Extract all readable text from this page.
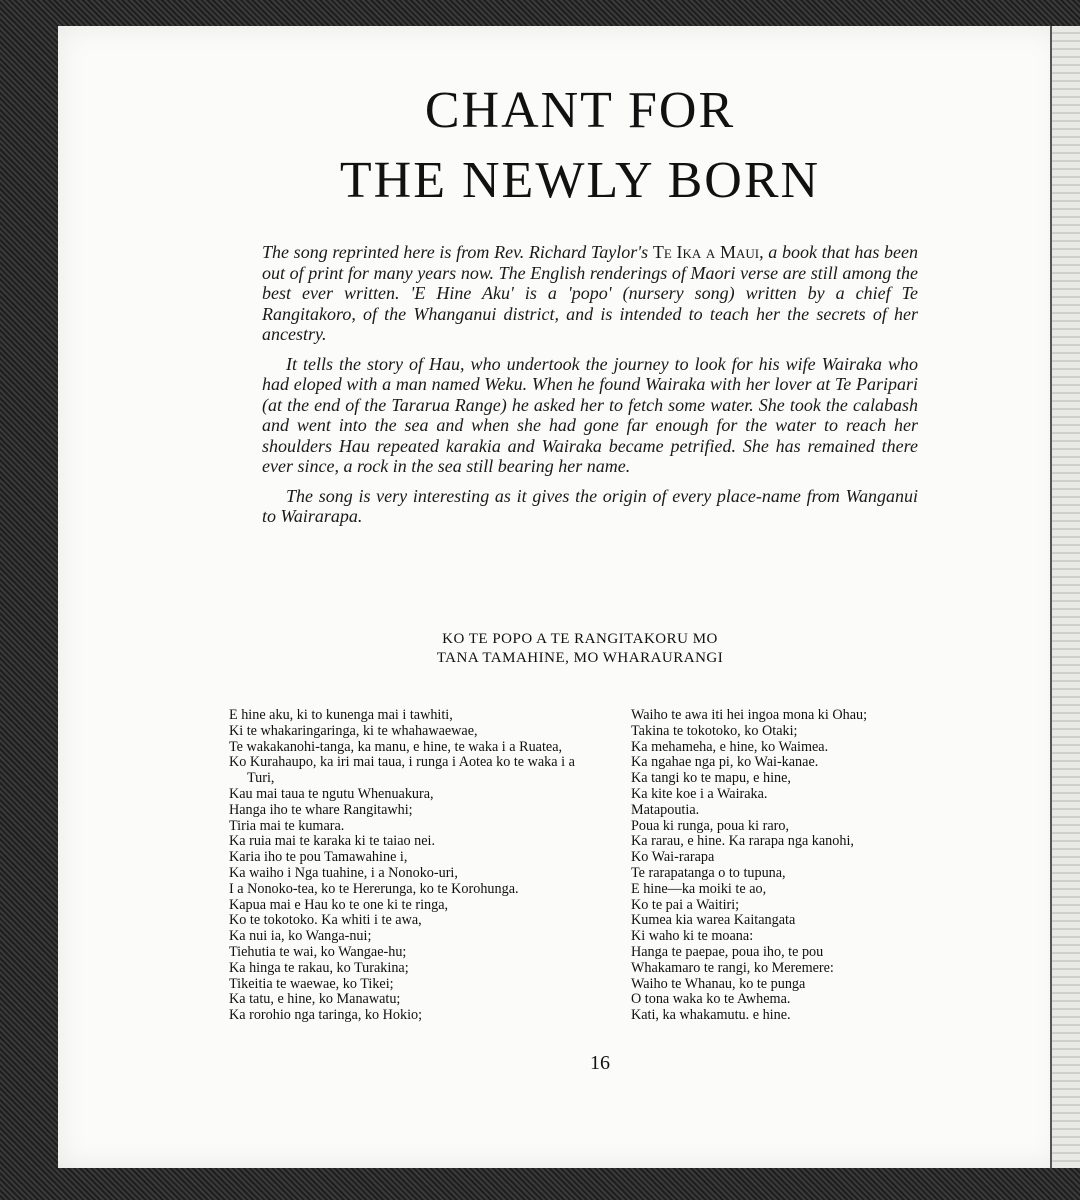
CHANT FOR
THE NEWLY BORN

The song reprinted here is from Rev. Richard Taylor's Te Ika a Maui, a book that has been out of print for many years now. The English renderings of Maori verse are still among the best ever written. 'E Hine Aku' is a 'popo' (nursery song) written by a chief Te Rangitakoro, of the Whanganui district, and is intended to teach her the secrets of her ancestry.

It tells the story of Hau, who undertook the journey to look for his wife Wairaka who had eloped with a man named Weku. When he found Wairaka with her lover at Te Paripari (at the end of the Tararua Range) he asked her to fetch some water. She took the calabash and went into the sea and when she had gone far enough for the water to reach her shoulders Hau repeated karakia and Wairaka became petrified. She has remained there ever since, a rock in the sea still bearing her name.

The song is very interesting as it gives the origin of every place-name from Wanganui to Wairarapa.

KO TE POPO A TE RANGITAKORU MO
TANA TAMAHINE, MO WHARAURANGI

E hine aku, ki to kunenga mai i tawhiti,

Ki te whakaringaringa, ki te whahawaewae,

Te wakakanohi-tanga, ka manu, e hine, te waka i a Ruatea,

Ko Kurahaupo, ka iri mai taua, i runga i Aotea ko te waka i a Turi,

Kau mai taua te ngutu Whenuakura,

Hanga iho te whare Rangitawhi;

Tiria mai te kumara.

Ka ruia mai te karaka ki te taiao nei.

Karia iho te pou Tamawahine i,

Ka waiho i Nga tuahine, i a Nonoko-uri,

I a Nonoko-tea, ko te Hererunga, ko te Korohunga.

Kapua mai e Hau ko te one ki te ringa,

Ko te tokotoko. Ka whiti i te awa,

Ka nui ia, ko Wanga-nui;

Tiehutia te wai, ko Wangae-hu;

Ka hinga te rakau, ko Turakina;

Tikeitia te waewae, ko Tikei;

Ka tatu, e hine, ko Manawatu;

Ka rorohio nga taringa, ko Hokio;

Waiho te awa iti hei ingoa mona ki Ohau;

Takina te tokotoko, ko Otaki;

Ka mehameha, e hine, ko Waimea.

Ka ngahae nga pi, ko Wai-kanae.

Ka tangi ko te mapu, e hine,

Ka kite koe i a Wairaka.

Matapoutia.

Poua ki runga, poua ki raro,

Ka rarau, e hine. Ka rarapa nga kanohi,

Ko Wai-rarapa

Te rarapatanga o to tupuna,

E hine—ka moiki te ao,

Ko te pai a Waitiri;

Kumea kia warea Kaitangata

Ki waho ki te moana:

Hanga te paepae, poua iho, te pou

Whakamaro te rangi, ko Meremere:

Waiho te Whanau, ko te punga

O tona waka ko te Awhema.

Kati, ka whakamutu. e hine.

16
